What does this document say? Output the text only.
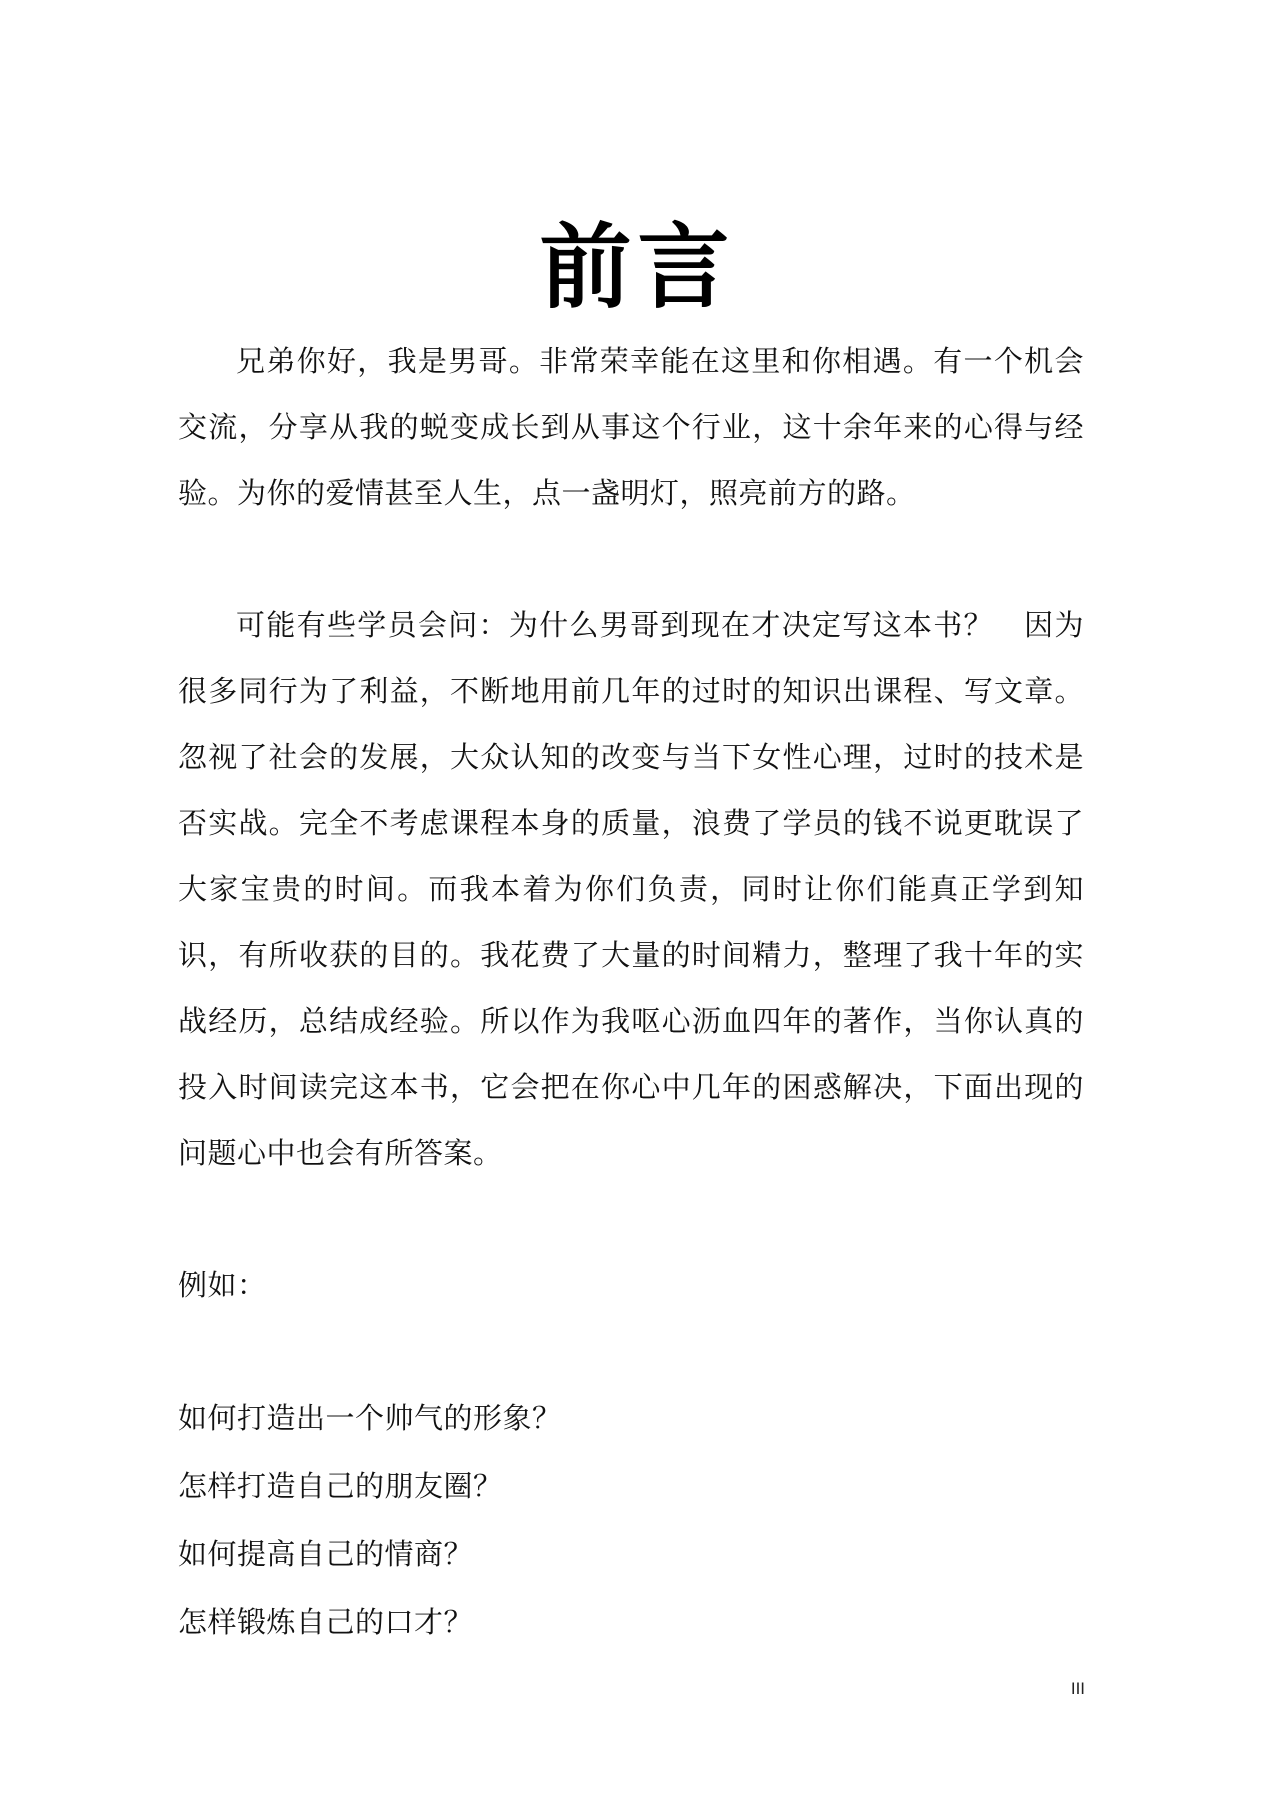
前言

兄弟你好，我是男哥。非常荣幸能在这里和你相遇。有一个机会交流，分享从我的蜕变成长到从事这个行业，这十余年来的心得与经验。为你的爱情甚至人生，点一盏明灯，照亮前方的路。

可能有些学员会问：为什么男哥到现在才决定写这本书？　因为很多同行为了利益，不断地用前几年的过时的知识出课程、写文章。忽视了社会的发展，大众认知的改变与当下女性心理，过时的技术是否实战。完全不考虑课程本身的质量，浪费了学员的钱不说更耽误了大家宝贵的时间。而我本着为你们负责，同时让你们能真正学到知识，有所收获的目的。我花费了大量的时间精力，整理了我十年的实战经历，总结成经验。所以作为我呕心沥血四年的著作，当你认真的投入时间读完这本书，它会把在你心中几年的困惑解决，下面出现的问题心中也会有所答案。

例如：

如何打造出一个帅气的形象？
怎样打造自己的朋友圈？
如何提高自己的情商？
怎样锻炼自己的口才？
III
